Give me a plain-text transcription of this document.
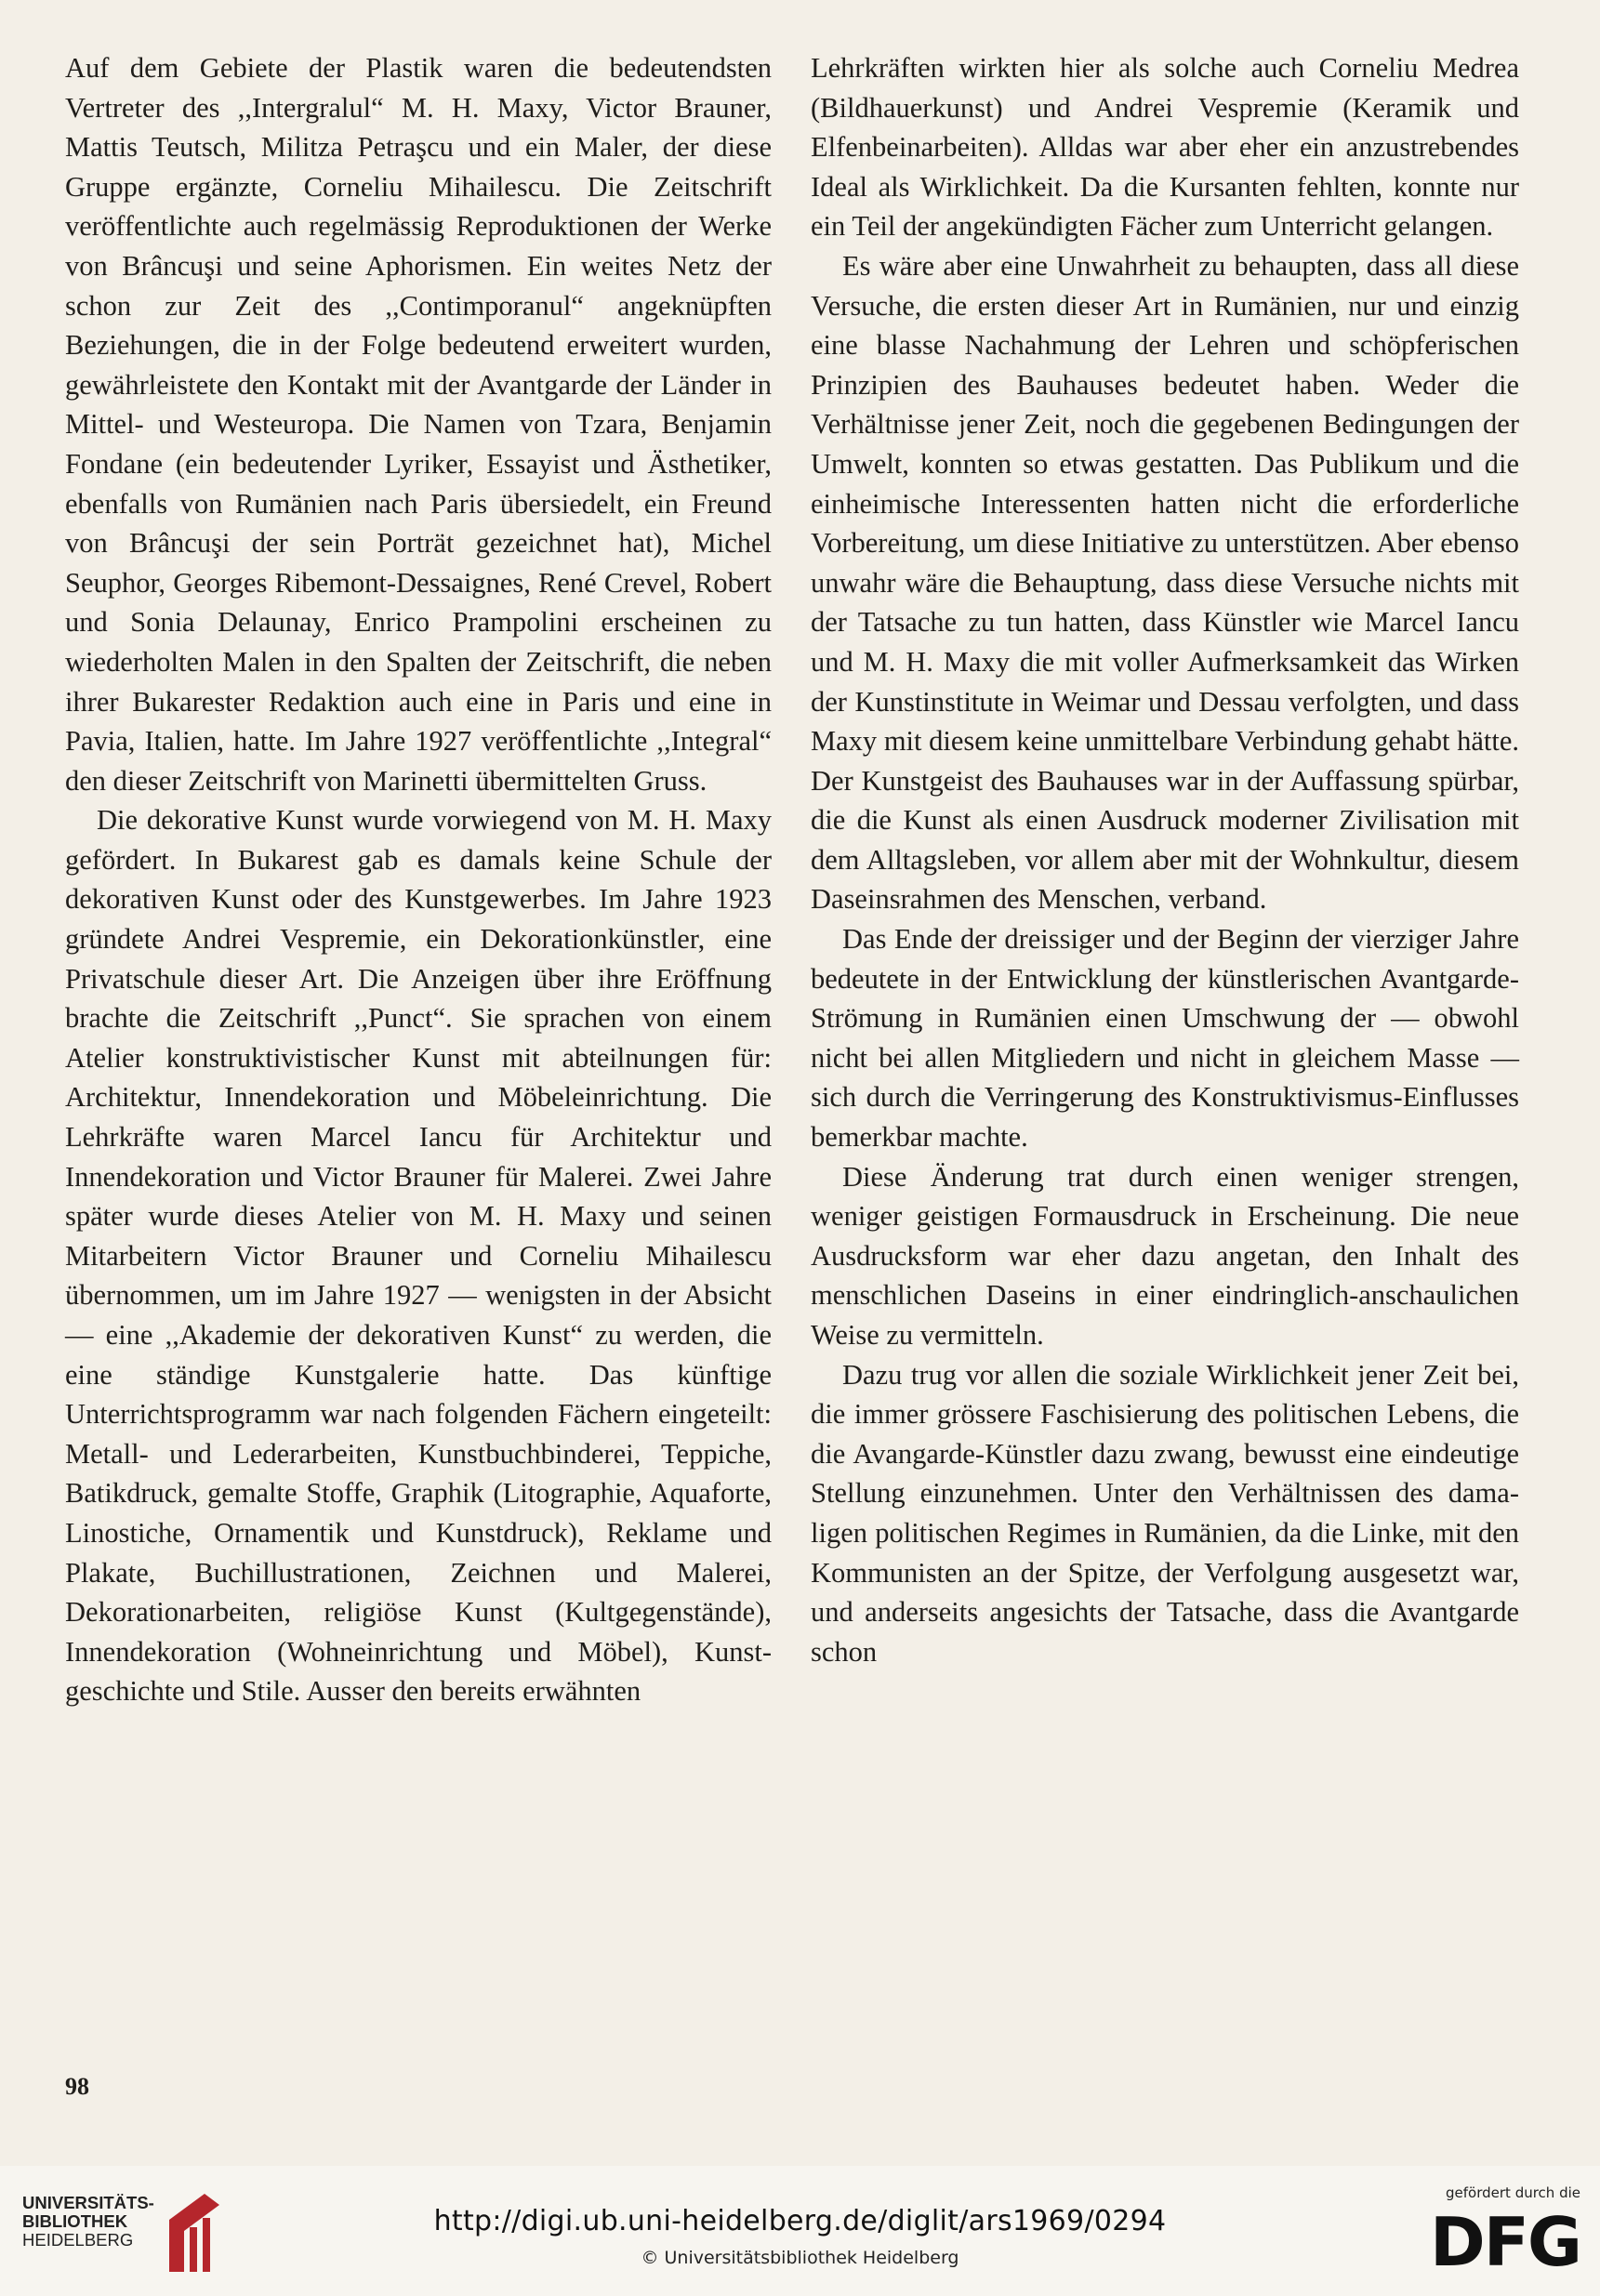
Auf dem Gebiete der Plastik waren die bedeutendsten Vertreter des ,,Intergralul“ M. H. Maxy, Victor Brauner, Mattis Teutsch, Militza Petraşcu und ein Maler, der diese Gruppe ergänzte, Corneliu Mihailescu. Die Zeitschrift veröffentlichte auch regelmässig Reproduktionen der Werke von Brâncuşi und seine Aphorismen. Ein weites Netz der schon zur Zeit des ,,Contimporanul“ angeknüpften Beziehungen, die in der Folge bedeutend erweitert wurden, gewährleistete den Kontakt mit der Avantgarde der Länder in Mittel- und Westeuropa. Die Namen von Tzara, Benjamin Fondane (ein bedeutender Lyriker, Essayist und Ästhetiker, ebenfalls von Rumänien nach Paris übersiedelt, ein Freund von Brâncuşi der sein Porträt gezeichnet hat), Michel Seuphor, Georges Ribemont-Dessaignes, René Crevel, Robert und Sonia Delaunay, Enrico Prampolini erscheinen zu wiederholten Malen in den Spalten der Zeitschrift, die neben ihrer Bukarester Redaktion auch eine in Paris und eine in Pavia, Italien, hatte. Im Jahre 1927 veröffentlichte ,,Integral“ den dieser Zeitschrift von Marinetti übermittelten Gruss.

Die dekorative Kunst wurde vorwiegend von M. H. Maxy gefördert. In Bukarest gab es damals keine Schule der dekorativen Kunst oder des Kunstgewerbes. Im Jahre 1923 gründete Andrei Vespremie, ein Dekorationkünstler, eine Privatschule dieser Art. Die Anzeigen über ihre Eröffnung brachte die Zeitschrift ,,Punct“. Sie sprachen von einem Atelier konstruktivistischer Kunst mit abteilnungen für: Architektur, Innendekoration und Möbeleinrichtung. Die Lehrkräfte waren Marcel Iancu für Architektur und Innendekoration und Victor Brauner für Malerei. Zwei Jahre später wurde dieses Atelier von M. H. Maxy und seinen Mitarbeitern Victor Brauner und Corneliu Mihailescu übernommen, um im Jahre 1927 — wenigsten in der Absicht — eine ,,Akademie der dekorativen Kunst“ zu werden, die eine ständige Kunstgalerie hatte. Das künftige Unterrichtsprogramm war nach folgenden Fächern eingeteilt: Metall- und Lederarbeiten, Kunstbuchbinderei, Teppiche, Batikdruck, gemalte Stoffe, Graphik (Litographie, Aquaforte, Linostiche, Ornamentik und Kunstdruck), Reklame und Plakate, Buchillustrationen, Zeichnen und Malerei, Dekorationarbeiten, religiöse Kunst (Kultgegenstände), Innendekoration (Wohneinrichtung und Möbel), Kunstgeschichte und Stile. Ausser den bereits erwähnten

Lehrkräften wirkten hier als solche auch Corneliu Medrea (Bildhauerkunst) und Andrei Vespremie (Keramik und Elfenbeinarbeiten). Alldas war aber eher ein anzustrebendes Ideal als Wirklichkeit. Da die Kursanten fehlten, konnte nur ein Teil der angekündigten Fächer zum Unterricht gelangen.

Es wäre aber eine Unwahrheit zu behaupten, dass all diese Versuche, die ersten dieser Art in Rumänien, nur und einzig eine blasse Nachahmung der Lehren und schöpferischen Prinzipien des Bauhauses bedeutet haben. Weder die Verhältnisse jener Zeit, noch die gegebenen Bedingungen der Umwelt, konnten so etwas gestatten. Das Publikum und die einheimische Interessenten hatten nicht die erforderliche Vorbereitung, um diese Initiative zu unterstützen. Aber ebenso unwahr wäre die Behauptung, dass diese Versuche nichts mit der Tatsache zu tun hatten, dass Künstler wie Marcel Iancu und M. H. Maxy die mit voller Aufmerksamkeit das Wirken der Kunstinstitute in Weimar und Dessau verfolgten, und dass Maxy mit diesem keine unmittelbare Verbindung gehabt hätte. Der Kunstgeist des Bauhauses war in der Auffassung spürbar, die die Kunst als einen Ausdruck moderner Zivilisation mit dem Alltagsleben, vor allem aber mit der Wohnkultur, diesem Daseinsrahmen des Menschen, verband.

Das Ende der dreissiger und der Beginn der vierziger Jahre bedeutete in der Entwicklung der künstlerischen Avantgarde-Strömung in Rumänien einen Umschwung der — obwohl nicht bei allen Mitgliedern und nicht in gleichem Masse — sich durch die Verringerung des Konstruktivismus-Einflusses bemerkbar machte.

Diese Änderung trat durch einen weniger strengen, weniger geistigen Formausdruck in Erscheinung. Die neue Ausdrucksform war eher dazu angetan, den Inhalt des menschlichen Daseins in einer eindringlich-anschaulichen Weise zu vermitteln.

Dazu trug vor allen die soziale Wirklichkeit jener Zeit bei, die immer grössere Faschisierung des politischen Lebens, die die Avangarde-Künstler dazu zwang, bewusst eine eindeutige Stellung einzunehmen. Unter den Verhältnissen des damaligen politischen Regimes in Rumänien, da die Linke, mit den Kommunisten an der Spitze, der Verfolgung ausgesetzt war, und anderseits angesichts der Tatsache, dass die Avantgarde schon

98
UNIVERSITÄTS-
BIBLIOTHEK
HEIDELBERG
http://digi.ub.uni-heidelberg.de/diglit/ars1969/0294
© Universitätsbibliothek Heidelberg
gefördert durch die
DFG
